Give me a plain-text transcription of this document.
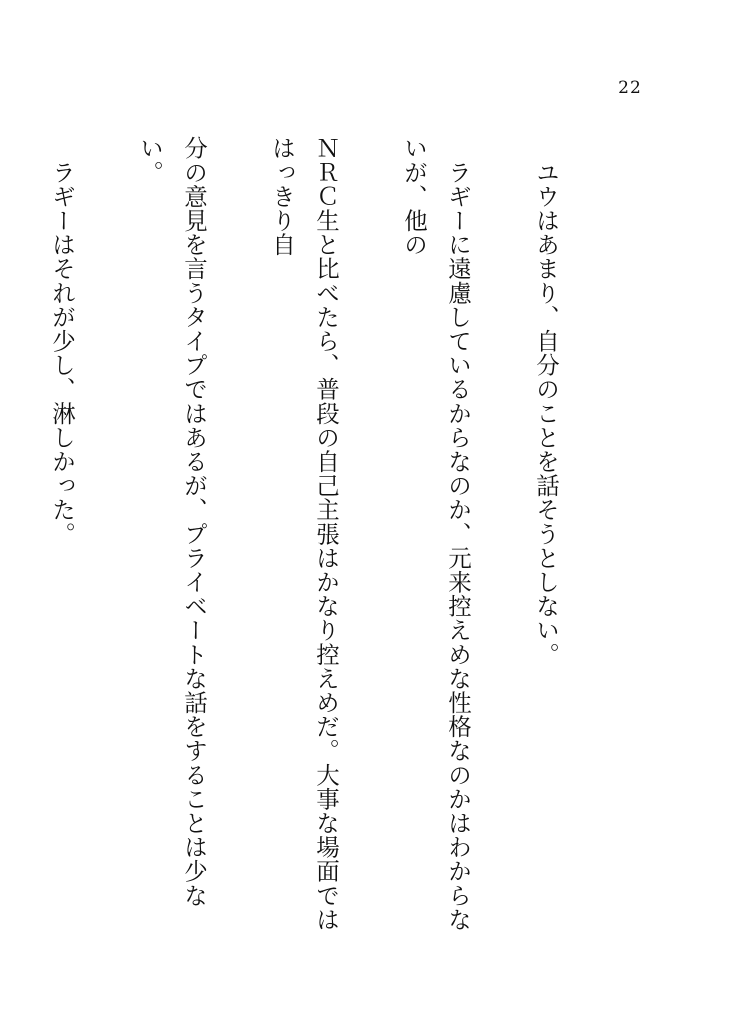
22

　ユウはあまり、自分のことを話そうとしない。

　ラギーに遠慮しているからなのか、元来控えめな性格なのかはわからないが、他の

ＮＲＣ生と比べたら、普段の自己主張はかなり控えめだ。大事な場面でははっきり自

分の意見を言うタイプではあるが、プライベートな話をすることは少ない。

　ラギーはそれが少し、淋しかった。
